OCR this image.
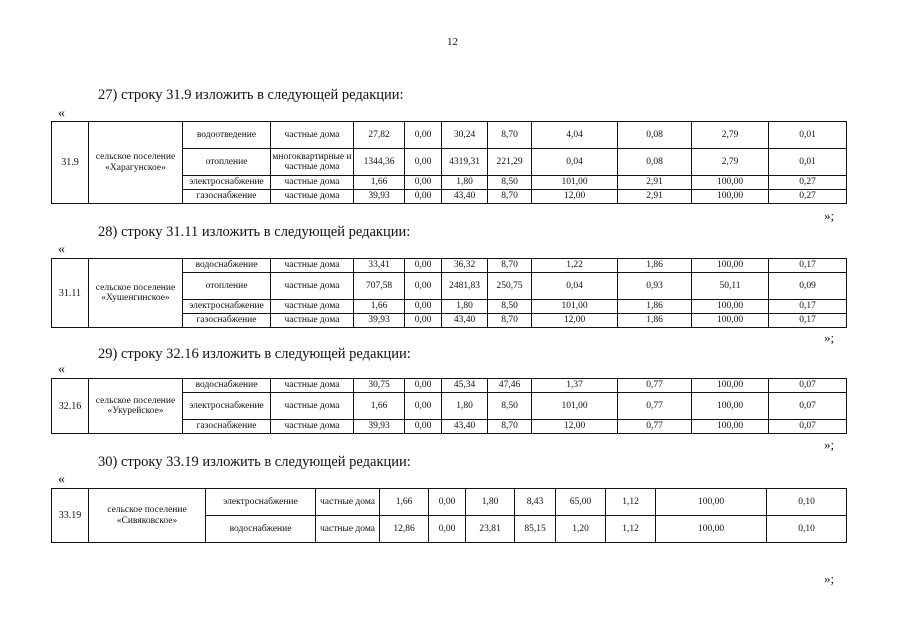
12
27) строку 31.9 изложить в следующей редакции:
«
31.9	сельское поселение «Харагунское»	водоотведение	частные дома	27,82	0,00	30,24	8,70	4,04	0,08	2,79	0,01
		отопление	многоквартирные и частные дома	1344,36	0,00	4319,31	221,29	0,04	0,08	2,79	0,01
		электроснабжение	частные дома	1,66	0,00	1,80	8,50	101,00	2,91	100,00	0,27
		газоснабжение	частные дома	39,93	0,00	43,40	8,70	12,00	2,91	100,00	0,27
»;
28) строку 31.11 изложить в следующей редакции:
«
31.11	сельское поселение «Хушенгинское»	водоснабжение	частные дома	33,41	0,00	36,32	8,70	1,22	1,86	100,00	0,17
		отопление	частные дома	707,58	0,00	2481,83	250,75	0,04	0,93	50,11	0,09
		электроснабжение	частные дома	1,66	0,00	1,80	8,50	101,00	1,86	100,00	0,17
		газоснабжение	частные дома	39,93	0,00	43,40	8,70	12,00	1,86	100,00	0,17
»;
29) строку 32.16 изложить в следующей редакции:
«
32.16	сельское поселение «Укурейское»	водоснабжение	частные дома	30,75	0,00	45,34	47,46	1,37	0,77	100,00	0,07
		электроснабжение	частные дома	1,66	0,00	1,80	8,50	101,00	0,77	100,00	0,07
		газоснабжение	частные дома	39,93	0,00	43,40	8,70	12,00	0,77	100,00	0,07
»;
30) строку 33.19 изложить в следующей редакции:
«
33.19	сельское поселение «Сивяковское»	электроснабжение	частные дома	1,66	0,00	1,80	8,43	65,00	1,12	100,00	0,10
		водоснабжение	частные дома	12,86	0,00	23,81	85,15	1,20	1,12	100,00	0,10
»;
